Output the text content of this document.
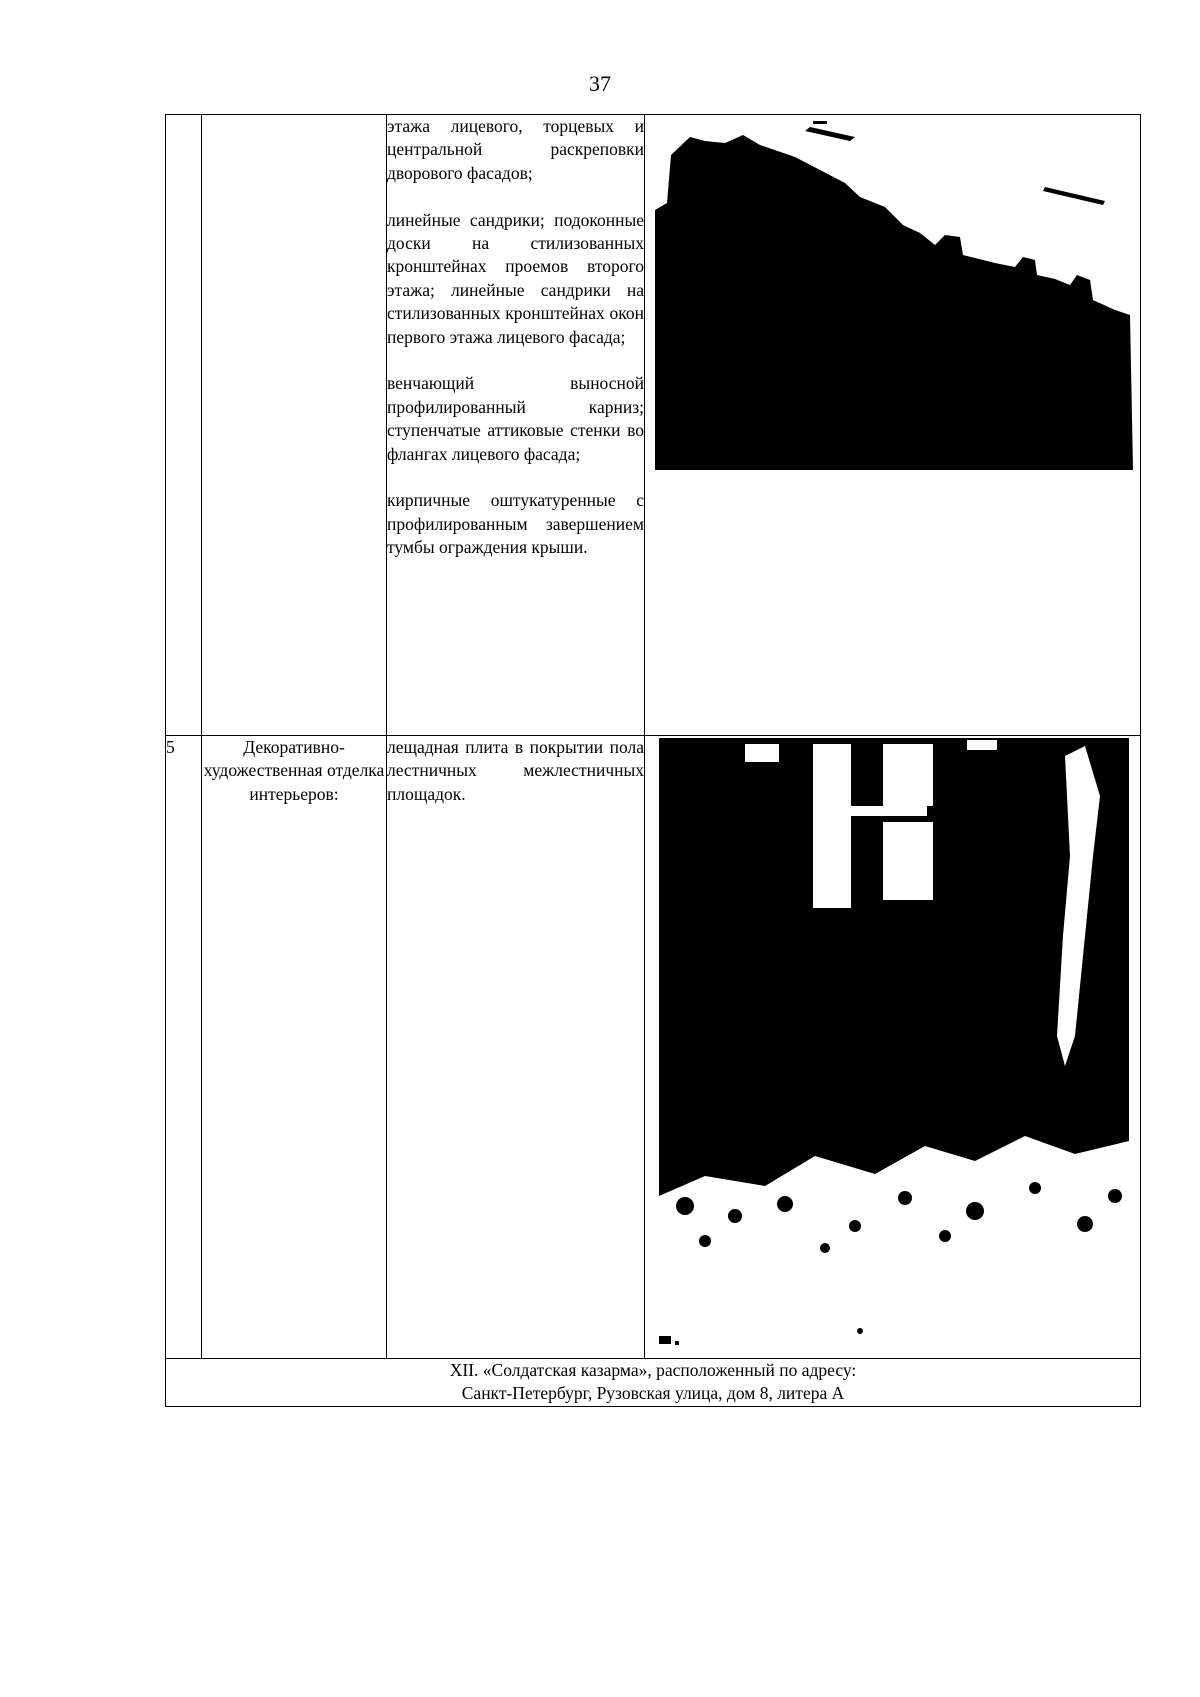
37

		этажа лицевого, торцевых и центральной раскреповки дворового фасадов;

линейные сандрики; подоконные доски на стилизованных кронштейнах проемов второго этажа; линейные сандрики на стилизованных кронштейнах окон первого этажа лицевого фасада;

венчающий выносной профилированный карниз; ступенчатые аттиковые стенки во флангах лицевого фасада;

кирпичные оштукатуренные с профилированным завершением тумбы ограждения крыши.

5	Декоративно-художественная отделка интерьеров:	лещадная плита в покрытии пола лестничных межлестничных площадок.

XII. «Солдатская казарма», расположенный по адресу:
Санкт-Петербург, Рузовская улица, дом 8, литера А			
